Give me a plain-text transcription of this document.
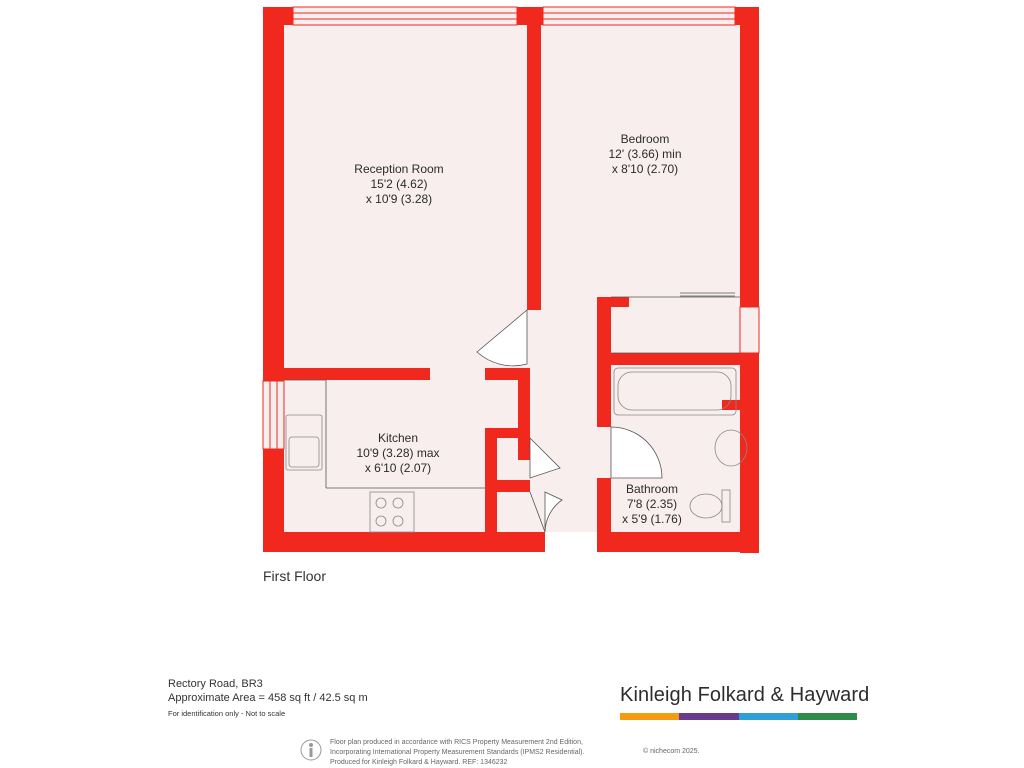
Reception Room
15'2 (4.62)
x 10'9 (3.28)
Bedroom
12' (3.66) min
x 8'10 (2.70)
Kitchen
10'9 (3.28) max
x 6'10 (2.07)
Bathroom
7'8 (2.35)
x 5'9 (1.76)
First Floor
Rectory Road, BR3
Approximate Area = 458 sq ft / 42.5 sq m
For identification only - Not to scale
Kinleigh Folkard & Hayward
Floor plan produced in accordance with RICS Property Measurement 2nd Edition,
Incorporating International Property Measurement Standards (IPMS2 Residential).
Produced for Kinleigh Folkard & Hayward. REF: 1346232
© nichecom 2025.
